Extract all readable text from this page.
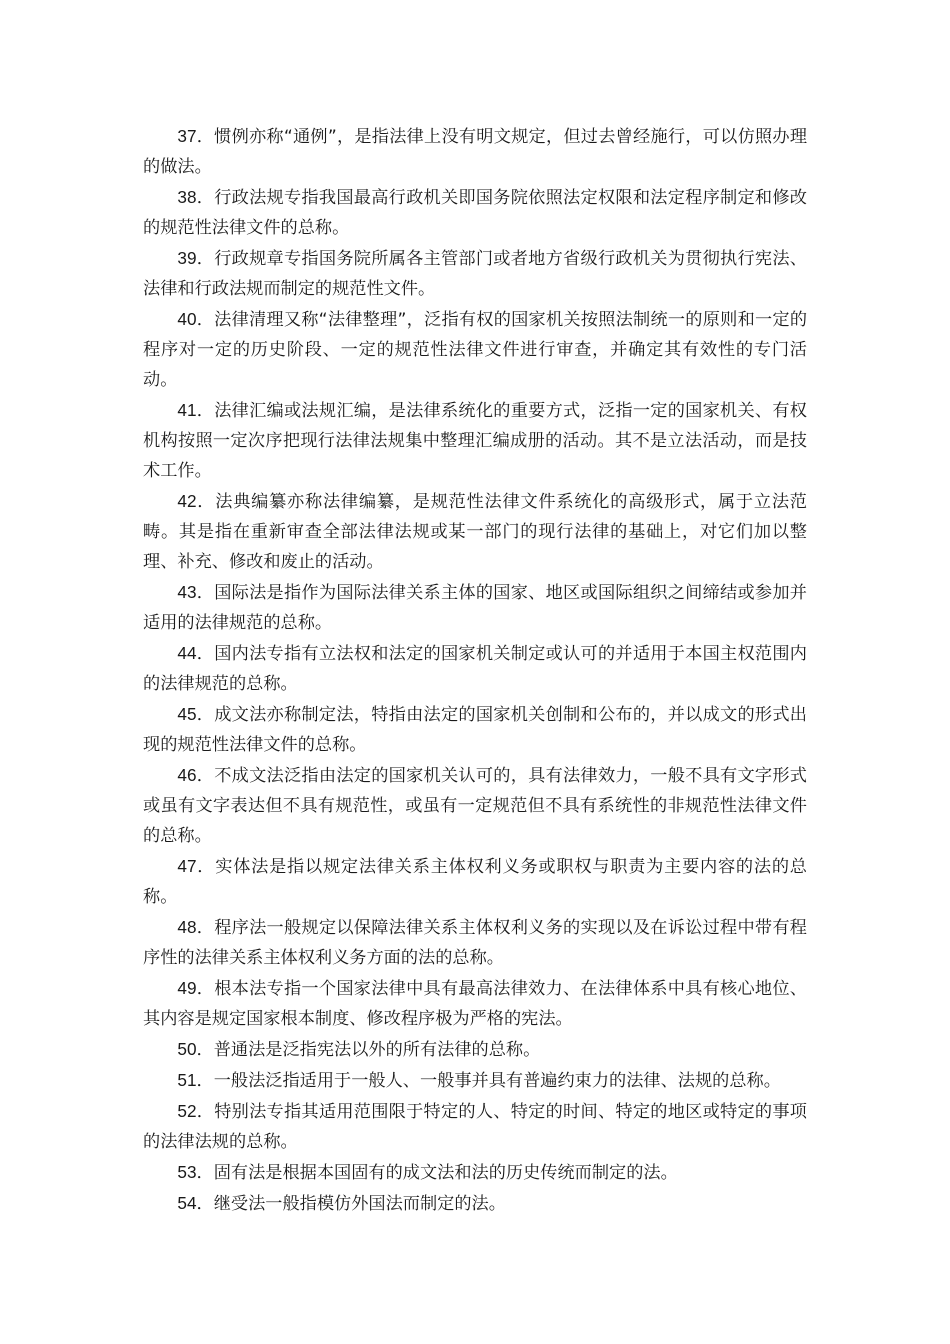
37．惯例亦称“通例”，是指法律上没有明文规定，但过去曾经施行，可以仿照办理的做法。

38．行政法规专指我国最高行政机关即国务院依照法定权限和法定程序制定和修改的规范性法律文件的总称。

39．行政规章专指国务院所属各主管部门或者地方省级行政机关为贯彻执行宪法、法律和行政法规而制定的规范性文件。

40．法律清理又称“法律整理”，泛指有权的国家机关按照法制统一的原则和一定的程序对一定的历史阶段、一定的规范性法律文件进行审查，并确定其有效性的专门活动。

41．法律汇编或法规汇编，是法律系统化的重要方式，泛指一定的国家机关、有权机构按照一定次序把现行法律法规集中整理汇编成册的活动。其不是立法活动，而是技术工作。

42．法典编纂亦称法律编纂，是规范性法律文件系统化的高级形式，属于立法范畴。其是指在重新审查全部法律法规或某一部门的现行法律的基础上，对它们加以整理、补充、修改和废止的活动。

43．国际法是指作为国际法律关系主体的国家、地区或国际组织之间缔结或参加并适用的法律规范的总称。

44．国内法专指有立法权和法定的国家机关制定或认可的并适用于本国主权范围内的法律规范的总称。

45．成文法亦称制定法，特指由法定的国家机关创制和公布的，并以成文的形式出现的规范性法律文件的总称。

46．不成文法泛指由法定的国家机关认可的，具有法律效力，一般不具有文字形式或虽有文字表达但不具有规范性，或虽有一定规范但不具有系统性的非规范性法律文件的总称。

47．实体法是指以规定法律关系主体权利义务或职权与职责为主要内容的法的总称。

48．程序法一般规定以保障法律关系主体权利义务的实现以及在诉讼过程中带有程序性的法律关系主体权利义务方面的法的总称。

49．根本法专指一个国家法律中具有最高法律效力、在法律体系中具有核心地位、其内容是规定国家根本制度、修改程序极为严格的宪法。

50．普通法是泛指宪法以外的所有法律的总称。

51．一般法泛指适用于一般人、一般事并具有普遍约束力的法律、法规的总称。

52．特别法专指其适用范围限于特定的人、特定的时间、特定的地区或特定的事项的法律法规的总称。

53．固有法是根据本国固有的成文法和法的历史传统而制定的法。

54．继受法一般指模仿外国法而制定的法。
